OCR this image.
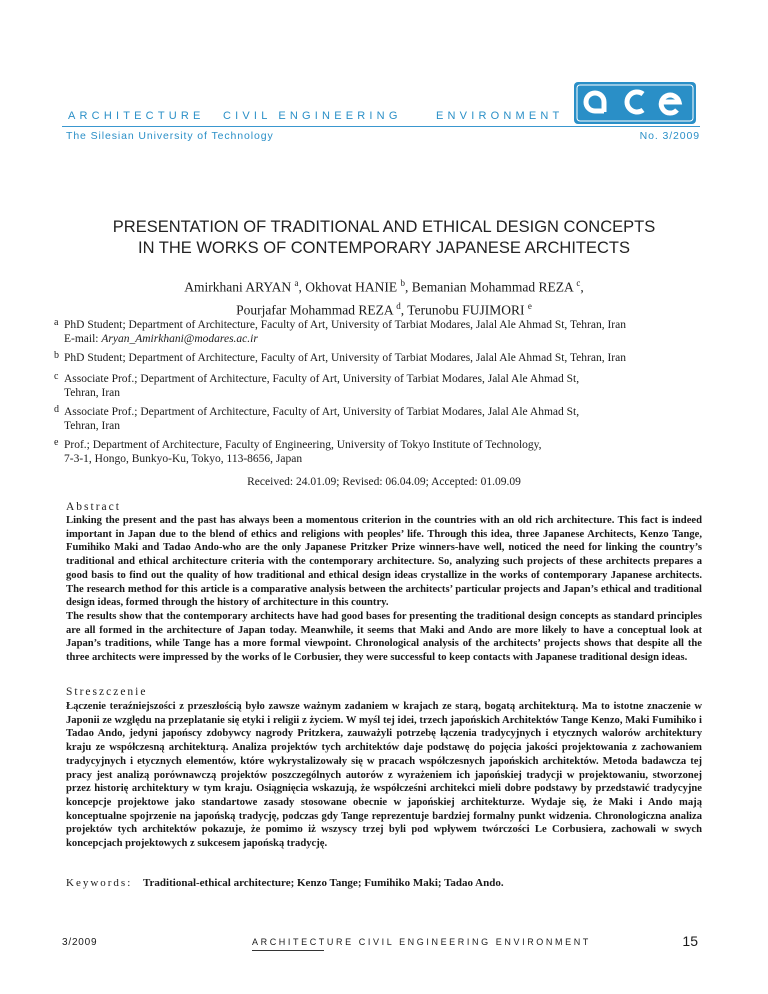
ARCHITECTURE CIVIL ENGINEERING	ENVIRONMENT
The Silesian University of Technology	No. 3/2009
PRESENTATION OF TRADITIONAL AND ETHICAL DESIGN CONCEPTS
IN THE WORKS OF CONTEMPORARY JAPANESE ARCHITECTS
Amirkhani ARYAN $^a$, Okhovat HANIE $^b$, Bemanian Mohammad REZA $^c$,
Pourjafar Mohammad REZA $^d$, Terunobu FUJIMORI $^e$
a PhD Student; Department of Architecture, Faculty of Art, University of Tarbiat Modares, Jalal Ale Ahmad St, Tehran, Iran
E-mail: Aryan_Amirkhani@modares.ac.ir
b PhD Student; Department of Architecture, Faculty of Art, University of Tarbiat Modares, Jalal Ale Ahmad St, Tehran, Iran
c Associate Prof.; Department of Architecture, Faculty of Art, University of Tarbiat Modares, Jalal Ale Ahmad St,
Tehran, Iran
d Associate Prof.; Department of Architecture, Faculty of Art, University of Tarbiat Modares, Jalal Ale Ahmad St,
Tehran, Iran
e Prof.; Department of Architecture, Faculty of Engineering, University of Tokyo Institute of Technology,
7-3-1, Hongo, Bunkyo-Ku, Tokyo, 113-8656, Japan
Received: 24.01.09; Revised: 06.04.09; Accepted: 01.09.09
Abstract

Linking the present and the past has always been a momentous criterion in the countries with an old rich architecture. This fact is indeed important in Japan due to the blend of ethics and religions with peoples’ life. Through this idea, three Japanese Architects, Kenzo Tange, Fumihiko Maki and Tadao Ando-who are the only Japanese Pritzker Prize winners-have well, noticed the need for linking the country’s traditional and ethical architecture criteria with the contemporary architecture. So, analyzing such projects of these architects prepares a good basis to find out the quality of how traditional and ethical design ideas crystallize in the works of contemporary Japanese architects. The research method for this article is a comparative analysis between the architects’ particular projects and Japan’s ethical and traditional design ideas, formed through the history of architecture in this country.

The results show that the contemporary architects have had good bases for presenting the traditional design concepts as standard principles are all formed in the architecture of Japan today. Meanwhile, it seems that Maki and Ando are more likely to have a conceptual look at Japan’s traditions, while Tange has a more formal viewpoint. Chronological analysis of the architects’ projects shows that despite all the three architects were impressed by the works of le Corbusier, they were successful to keep contacts with Japanese traditional design ideas.

Streszczenie

Łączenie teraźniejszości z przeszłością było zawsze ważnym zadaniem w krajach ze starą, bogatą architekturą. Ma to istotne znaczenie w Japonii ze względu na przeplatanie się etyki i religii z życiem. W myśl tej idei, trzech japońskich Architektów Tange Kenzo, Maki Fumihiko i Tadao Ando, jedyni japońscy zdobywcy nagrody Pritzkera, zauważyli potrzebę łączenia tradycyjnych i etycznych walorów architektury kraju ze współczesną architekturą. Analiza projektów tych architektów daje podstawę do pojęcia jakości projektowania z zachowaniem tradycyjnych i etycznych elementów, które wykrystalizowały się w pracach współczesnych japońskich architektów. Metoda badawcza tej pracy jest analizą porównawczą projektów poszczególnych autorów z wyrażeniem ich japońskiej tradycji w projektowaniu, stworzonej przez historię architektury w tym kraju. Osiągnięcia wskazują, że współcześni architekci mieli dobre podstawy by przedstawić tradycyjne koncepcje projektowe jako standartowe zasady stosowane obecnie w japońskiej architekturze. Wydaje się, że Maki i Ando mają konceptualne spojrzenie na japońską tradycję, podczas gdy Tange reprezentuje bardziej formalny punkt widzenia. Chronologiczna analiza projektów tych architektów pokazuje, że pomimo iż wszyscy trzej byli pod wpływem twórczości Le Corbusiera, zachowali w swych koncepcjach projektowych z sukcesem japońską tradycję.

Keywords: Traditional-ethical architecture; Kenzo Tange; Fumihiko Maki; Tadao Ando.
3/2009	ARCHITECTURE CIVIL ENGINEERING ENVIRONMENT	15
